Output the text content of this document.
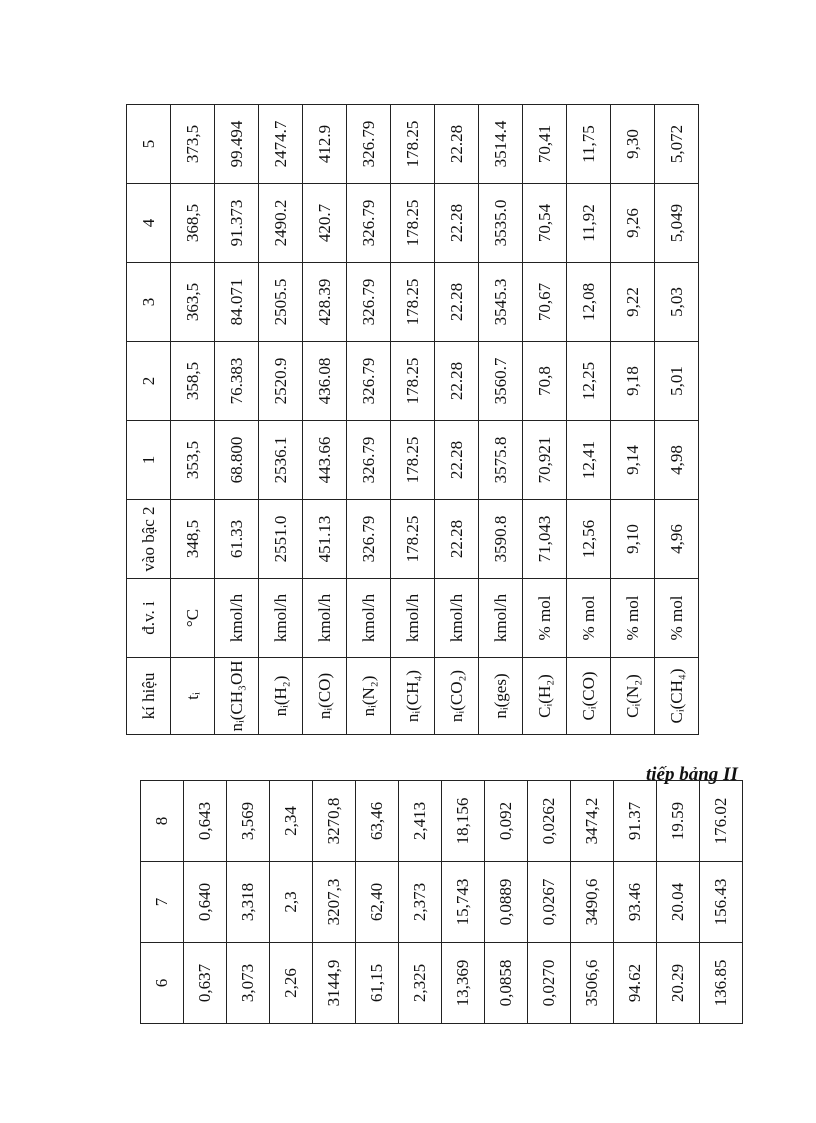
kí hiệu	đ.v. i	vào bậc 2	1	2	3	4	5
tᵢ	°C	348,5	353,5	358,5	363,5	368,5	373,5
nᵢ(CH₃OH	kmol/h	61.33	68.800	76.383	84.071	91.373	99.494
nᵢ(H₂)	kmol/h	2551.0	2536.1	2520.9	2505.5	2490.2	2474.7
nᵢ(CO)	kmol/h	451.13	443.66	436.08	428.39	420.7	412.9
nᵢ(N₂)	kmol/h	326.79	326.79	326.79	326.79	326.79	326.79
nᵢ(CH₄)	kmol/h	178.25	178.25	178.25	178.25	178.25	178.25
nᵢ(CO₂)	kmol/h	22.28	22.28	22.28	22.28	22.28	22.28
nᵢ(ges)	kmol/h	3590.8	3575.8	3560.7	3545.3	3535.0	3514.4
Cᵢ(H₂)	% mol	71,043	70,921	70,8	70,67	70,54	70,41
Cᵢ(CO)	% mol	12,56	12,41	12,25	12,08	11,92	11,75
Cᵢ(N₂)	% mol	9,10	9,14	9,18	9,22	9,26	9,30
Cᵢ(CH₄)	% mol	4,96	4,98	5,01	5,03	5,049	5,072
tiếp bảng II
6	7	8
0,637	0,640	0,643
3,073	3,318	3,569
2,26	2,3	2,34
3144,9	3207,3	3270,8
61,15	62,40	63,46
2,325	2,373	2,413
13,369	15,743	18,156
0,0858	0,0889	0,092
0,0270	0,0267	0,0262
3506,6	3490,6	3474,2
94.62	93.46	91.37
20.29	20.04	19.59
136.85	156.43	176.02
